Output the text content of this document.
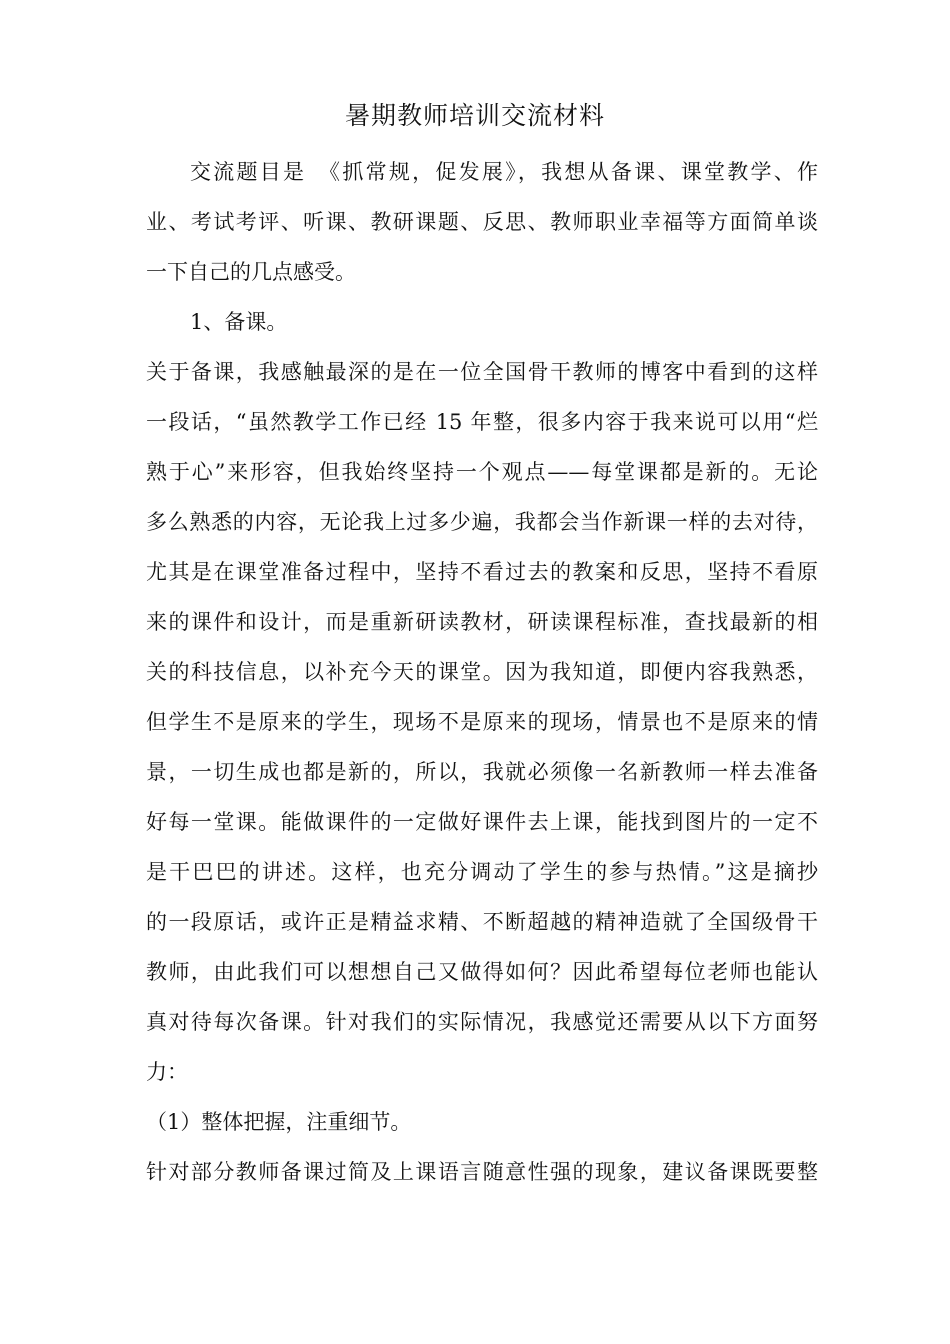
暑期教师培训交流材料
交流题目是　《抓常规，促发展》，我想从备课、课堂教学、作
业、考试考评、听课、教研课题、反思、教师职业幸福等方面简单谈
一下自己的几点感受。
1、备课。
关于备课，我感触最深的是在一位全国骨干教师的博客中看到的这样
一段话，“虽然教学工作已经 15 年整，很多内容于我来说可以用“烂
熟于心”来形容，但我始终坚持一个观点——每堂课都是新的。无论
多么熟悉的内容，无论我上过多少遍，我都会当作新课一样的去对待，
尤其是在课堂准备过程中，坚持不看过去的教案和反思，坚持不看原
来的课件和设计，而是重新研读教材，研读课程标准，查找最新的相
关的科技信息，以补充今天的课堂。因为我知道，即便内容我熟悉，
但学生不是原来的学生，现场不是原来的现场，情景也不是原来的情
景，一切生成也都是新的，所以，我就必须像一名新教师一样去准备
好每一堂课。能做课件的一定做好课件去上课，能找到图片的一定不
是干巴巴的讲述。这样，也充分调动了学生的参与热情。”这是摘抄
的一段原话，或许正是精益求精、不断超越的精神造就了全国级骨干
教师，由此我们可以想想自己又做得如何？因此希望每位老师也能认
真对待每次备课。针对我们的实际情况，我感觉还需要从以下方面努
力：
（1）整体把握，注重细节。
针对部分教师备课过简及上课语言随意性强的现象，建议备课既要整
